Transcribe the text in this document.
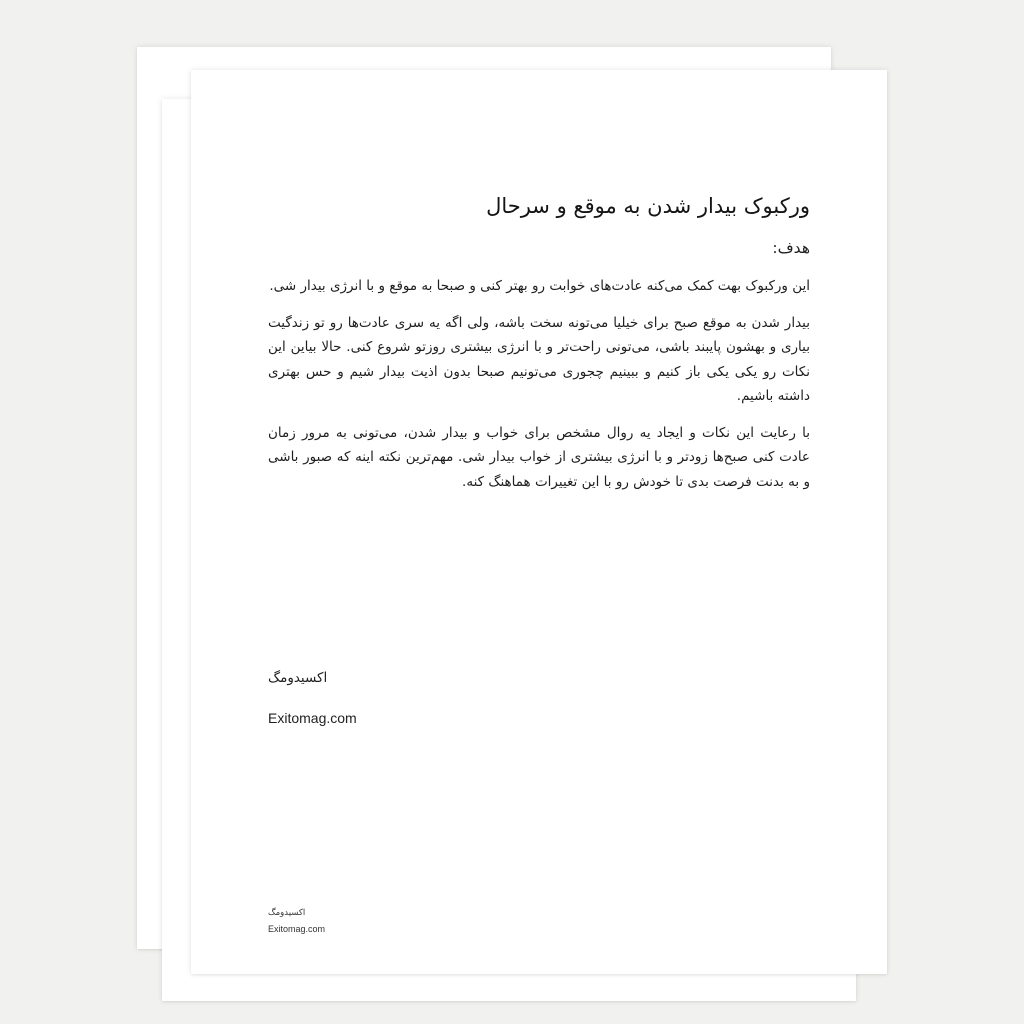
ورکبوک بیدار شدن به موقع و سرحال
هدف:

این ورکبوک بهت کمک می‌کنه عادت‌های خوابت رو بهتر کنی و صبحا به موقع و با انرژی بیدار شی.

بیدار شدن به موقع صبح برای خیلیا می‌تونه سخت باشه، ولی اگه یه سری عادت‌ها رو تو زندگیت بیاری و بهشون پایبند باشی، می‌تونی راحت‌تر و با انرژی بیشتری روزتو شروع کنی. حالا بیاین این نکات رو یکی یکی باز کنیم و ببینیم چجوری می‌تونیم صبحا بدون اذیت بیدار شیم و حس بهتری داشته باشیم.

با رعایت این نکات و ایجاد یه روال مشخص برای خواب و بیدار شدن، می‌تونی به مرور زمان عادت کنی صبح‌ها زودتر و با انرژی بیشتری از خواب بیدار شی. مهم‌ترین نکته اینه که صبور باشی و به بدنت فرصت بدی تا خودش رو با این تغییرات هماهنگ کنه.

اکسیدومگ
Exitomag.com
اکسیدومگ
Exitomag.com
